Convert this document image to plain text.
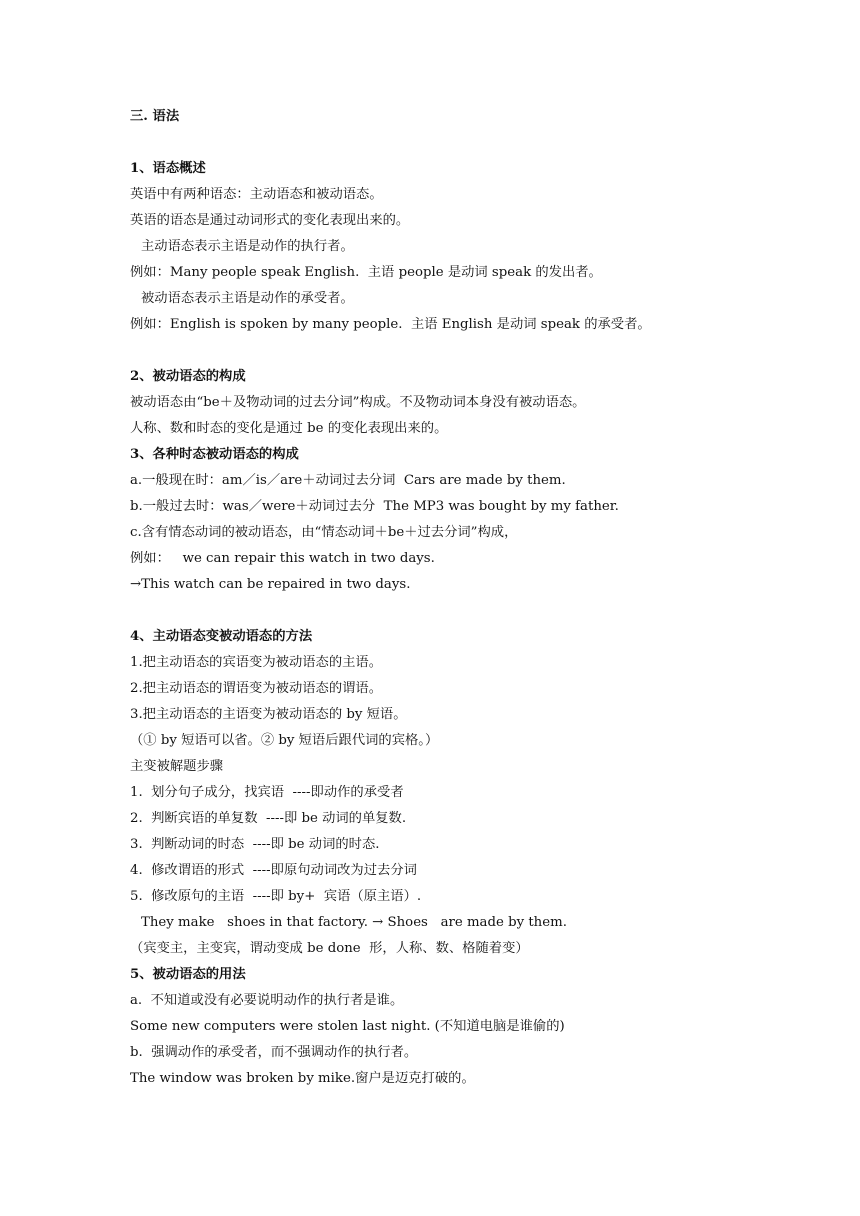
三. 语法
1、语态概述
英语中有两种语态：主动语态和被动语态。
英语的语态是通过动词形式的变化表现出来的。
主动语态表示主语是动作的执行者。
例如：Many people speak English.  主语 people 是动词 speak 的发出者。
被动语态表示主语是动作的承受者。
例如：English is spoken by many people.  主语 English 是动词 speak 的承受者。
2、被动语态的构成
被动语态由“be＋及物动词的过去分词”构成。不及物动词本身没有被动语态。
人称、数和时态的变化是通过 be 的变化表现出来的。
3、各种时态被动语态的构成
a.一般现在时：am／is／are＋动词过去分词  Cars are made by them.
b.一般过去时：was／were＋动词过去分  The MP3 was bought by my father.
c.含有情态动词的被动语态，由“情态动词＋be＋过去分词”构成，
例如：   we can repair this watch in two days.
→This watch can be repaired in two days.
4、主动语态变被动语态的方法
1.把主动语态的宾语变为被动语态的主语。
2.把主动语态的谓语变为被动语态的谓语。
3.把主动语态的主语变为被动语态的 by 短语。
（① by 短语可以省。② by 短语后跟代词的宾格。）
主变被解题步骤
1.  划分句子成分，找宾语  ----即动作的承受者
2.  判断宾语的单复数  ----即 be 动词的单复数.
3.  判断动词的时态  ----即 be 动词的时态.
4.  修改谓语的形式  ----即原句动词改为过去分词
5.  修改原句的主语  ----即 by+  宾语（原主语）.
They make   shoes in that factory. → Shoes   are made by them.
（宾变主，主变宾，谓动变成 be done  形，人称、数、格随着变）
5、被动语态的用法
a.  不知道或没有必要说明动作的执行者是谁。
Some new computers were stolen last night. (不知道电脑是谁偷的)
b.  强调动作的承受者，而不强调动作的执行者。
The window was broken by mike.窗户是迈克打破的。
